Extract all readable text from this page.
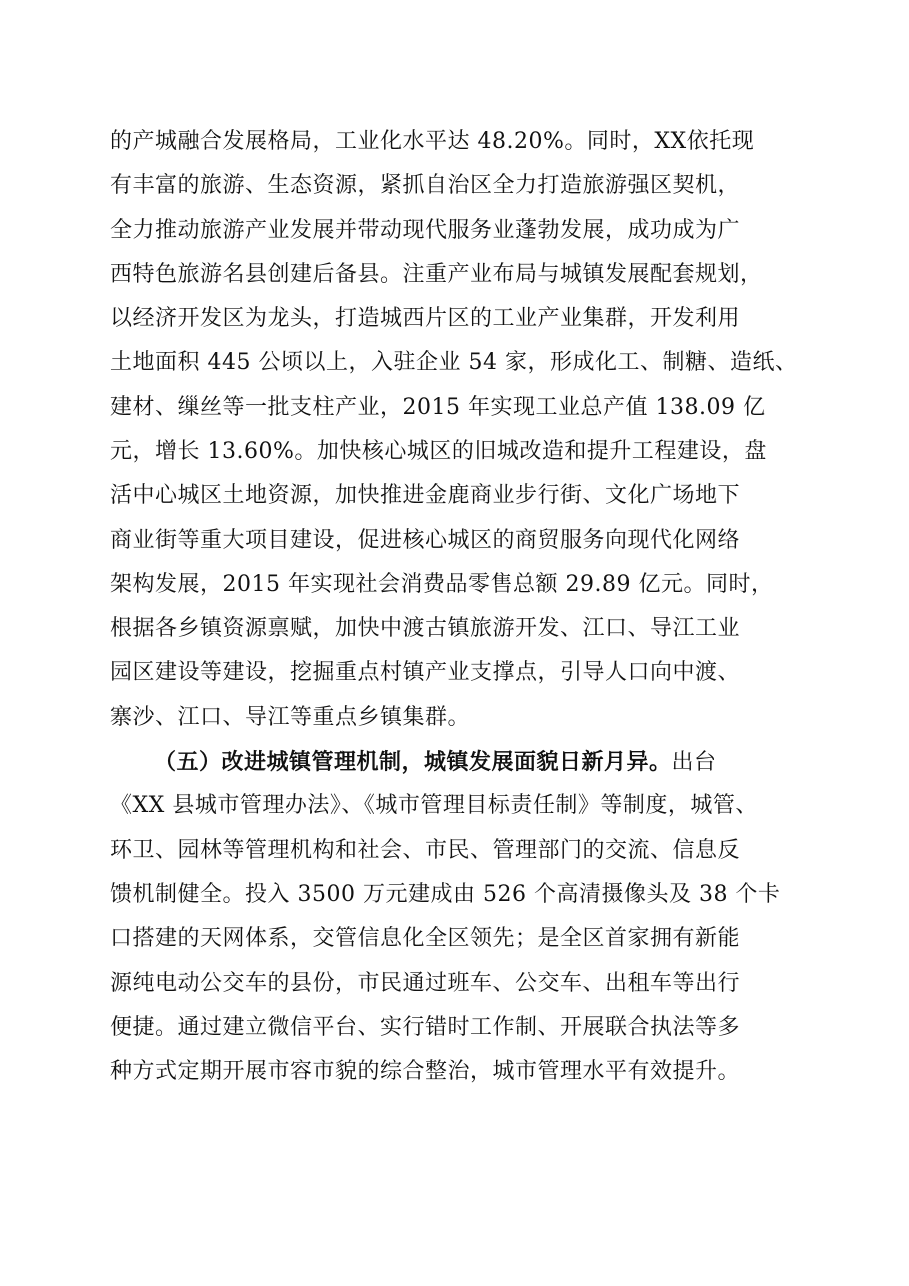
的产城融合发展格局，工业化水平达 48.20%。同时，XX依托现
有丰富的旅游、生态资源，紧抓自治区全力打造旅游强区契机，
全力推动旅游产业发展并带动现代服务业蓬勃发展，成功成为广
西特色旅游名县创建后备县。注重产业布局与城镇发展配套规划，
以经济开发区为龙头，打造城西片区的工业产业集群，开发利用
土地面积 445 公顷以上，入驻企业 54 家，形成化工、制糖、造纸、
建材、缫丝等一批支柱产业，2015 年实现工业总产值 138.09 亿
元，增长 13.60%。加快核心城区的旧城改造和提升工程建设，盘
活中心城区土地资源，加快推进金鹿商业步行街、文化广场地下
商业街等重大项目建设，促进核心城区的商贸服务向现代化网络
架构发展，2015 年实现社会消费品零售总额 29.89 亿元。同时，
根据各乡镇资源禀赋，加快中渡古镇旅游开发、江口、导江工业
园区建设等建设，挖掘重点村镇产业支撑点，引导人口向中渡、
寨沙、江口、导江等重点乡镇集群。
（五）改进城镇管理机制，城镇发展面貌日新月异。出台
《XX 县城市管理办法》、《城市管理目标责任制》等制度，城管、
环卫、园林等管理机构和社会、市民、管理部门的交流、信息反
馈机制健全。投入 3500 万元建成由 526 个高清摄像头及 38 个卡
口搭建的天网体系，交管信息化全区领先；是全区首家拥有新能
源纯电动公交车的县份，市民通过班车、公交车、出租车等出行
便捷。通过建立微信平台、实行错时工作制、开展联合执法等多
种方式定期开展市容市貌的综合整治，城市管理水平有效提升。
